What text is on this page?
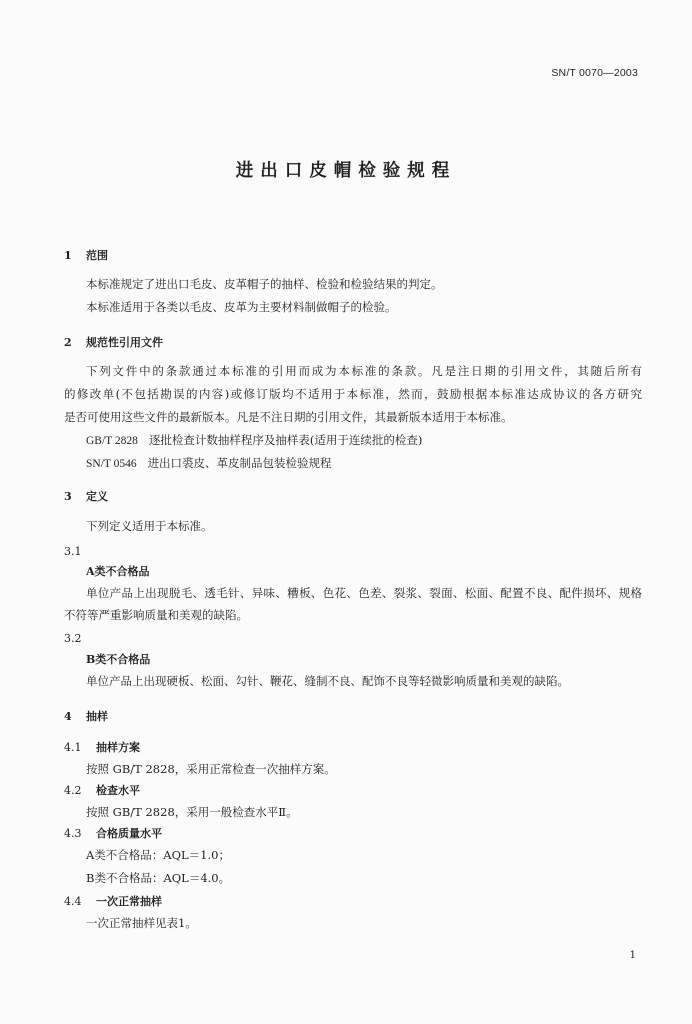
SN/T 0070—2003
进出口皮帽检验规程
1 范围
本标准规定了进出口毛皮、皮革帽子的抽样、检验和检验结果的判定。
本标准适用于各类以毛皮、皮革为主要材料制做帽子的检验。
2 规范性引用文件
下列文件中的条款通过本标准的引用而成为本标准的条款。凡是注日期的引用文件，其随后所有
的修改单(不包括勘误的内容)或修订版均不适用于本标准，然而，鼓励根据本标准达成协议的各方研究
是否可使用这些文件的最新版本。凡是不注日期的引用文件，其最新版本适用于本标准。
GB/T 2828 逐批检查计数抽样程序及抽样表(适用于连续批的检查)
SN/T 0546 进出口裘皮、革皮制品包装检验规程
3 定义
下列定义适用于本标准。
3.1
A类不合格品
单位产品上出现脱毛、透毛针、异味、糟板、色花、色差、裂浆、裂面、松面、配置不良、配件损坏、规格
不符等严重影响质量和美观的缺陷。
3.2
B类不合格品
单位产品上出现硬板、松面、勾针、鞭花、缝制不良、配饰不良等轻微影响质量和美观的缺陷。
4 抽样
4.1 抽样方案
按照 GB/T 2828，采用正常检查一次抽样方案。
4.2 检查水平
按照 GB/T 2828，采用一般检查水平Ⅱ。
4.3 合格质量水平
A类不合格品：AQL＝1.0；
B类不合格品：AQL＝4.0。
4.4 一次正常抽样
一次正常抽样见表1。
1
